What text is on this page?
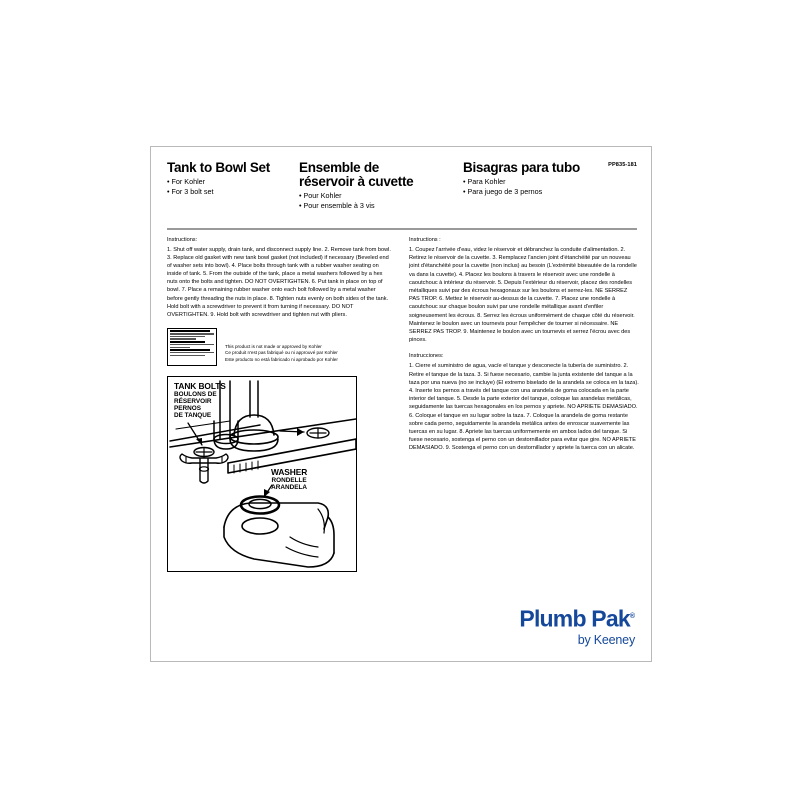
Tank to Bowl Set
• For Kohler
• For 3 bolt set
Ensemble de
réservoir à cuvette
• Pour Kohler
• Pour ensemble à 3 vis
Bisagras para tubo
• Para Kohler
• Para juego de 3 pernos
PP835-181
Instructions:
1. Shut off water supply, drain tank, and disconnect supply line. 2. Remove tank from bowl. 3. Replace old gasket with new tank bowl gasket (not included) if necessary (Beveled end of washer sets into bowl). 4. Place bolts through tank with a rubber washer seating on inside of tank. 5. From the outside of the tank, place a metal washers followed by a hex nuts onto the bolts and tighten. DO NOT OVERTIGHTEN. 6. Put tank in place on top of bowl. 7. Place a remaining rubber washer onto each bolt followed by a metal washer before gently threading the nuts in place. 8. Tighten nuts evenly on both sides of the tank. Hold bolt with a screwdriver to prevent it from turning if necessary. DO NOT OVERTIGHTEN. 9. Hold bolt with screwdriver and tighten nut with pliers.
This product is not made or approved by Kohler
Ce produit n'est pas fabriqué ou ni approuvé par Kohler
Este producto no está fabricado ni aprobado por Kohler
TANK BOLTS
BOULONS DE
RÉSERVOIR
PERNOS
DE TANQUE
WASHER
RONDELLE
ARANDELA
Instructions :
1. Coupez l'arrivée d'eau, videz le réservoir et débranchez la conduite d'alimentation. 2. Retirez le réservoir de la cuvette. 3. Remplacez l'ancien joint d'étanchéité par un nouveau joint d'étanchéité pour la cuvette (non inclus) au besoin (L'extrémité biseautée de la rondelle va dans la cuvette). 4. Placez les boulons à travers le réservoir avec une rondelle à caoutchouc à intérieur du réservoir. 5. Depuis l'extérieur du réservoir, placez des rondelles métalliques suivi par des écrous hexagonaux sur les boulons et serrez-les. NE SERREZ PAS TROP. 6. Mettez le réservoir au-dessus de la cuvette. 7. Placez une rondelle à caoutchouc sur chaque boulon suivi par une rondelle métallique avant d'enfiler soigneusement les écrous. 8. Serrez les écrous uniformément de chaque côté du réservoir. Maintenez le boulon avec un tournevis pour l'empêcher de tourner si nécessaire. NE SERREZ PAS TROP. 9. Maintenez le boulon avec un tournevis et serrez l'écrou avec des pinces.
Instrucciones:
1. Cierre el suministro de agua, vacíe el tanque y desconecte la tubería de suministro. 2. Retire el tanque de la taza. 3. Si fuese necesario, cambie la junta existente del tanque a la taza por una nueva (no se incluye) (El extremo biselado de la arandela se coloca en la taza). 4. Inserte los pernos a través del tanque con una arandela de goma colocada en la parte interior del tanque. 5. Desde la parte exterior del tanque, coloque las arandelas metálicas, seguidamente las tuercas hexagonales en los pernos y apriete. NO APRIETE DEMASIADO. 6. Coloque el tanque en su lugar sobre la taza. 7. Coloque la arandela de goma restante sobre cada perno, seguidamente la arandela metálica antes de enroscar suavemente las tuercas en su lugar. 8. Apriete las tuercas uniformemente en ambos lados del tanque. Si fuese necesario, sostenga el perno con un destornillador para evitar que gire. NO APRIETE DEMASIADO. 9. Sostenga el perno con un destornillador y apriete la tuerca con un alicate.
Plumb Pak®
by Keeney
